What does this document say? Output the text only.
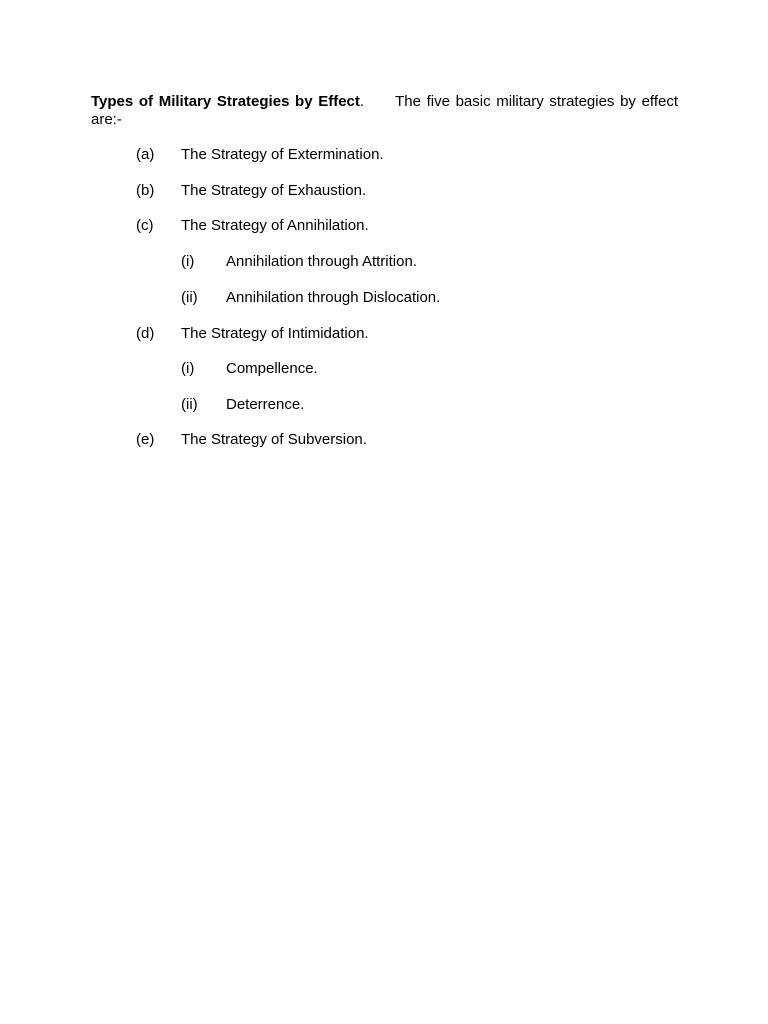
Types of Military Strategies by Effect. The five basic military strategies by effect are:-
(a) The Strategy of Extermination.
(b) The Strategy of Exhaustion.
(c) The Strategy of Annihilation.
(i) Annihilation through Attrition.
(ii) Annihilation through Dislocation.
(d) The Strategy of Intimidation.
(i) Compellence.
(ii) Deterrence.
(e) The Strategy of Subversion.
